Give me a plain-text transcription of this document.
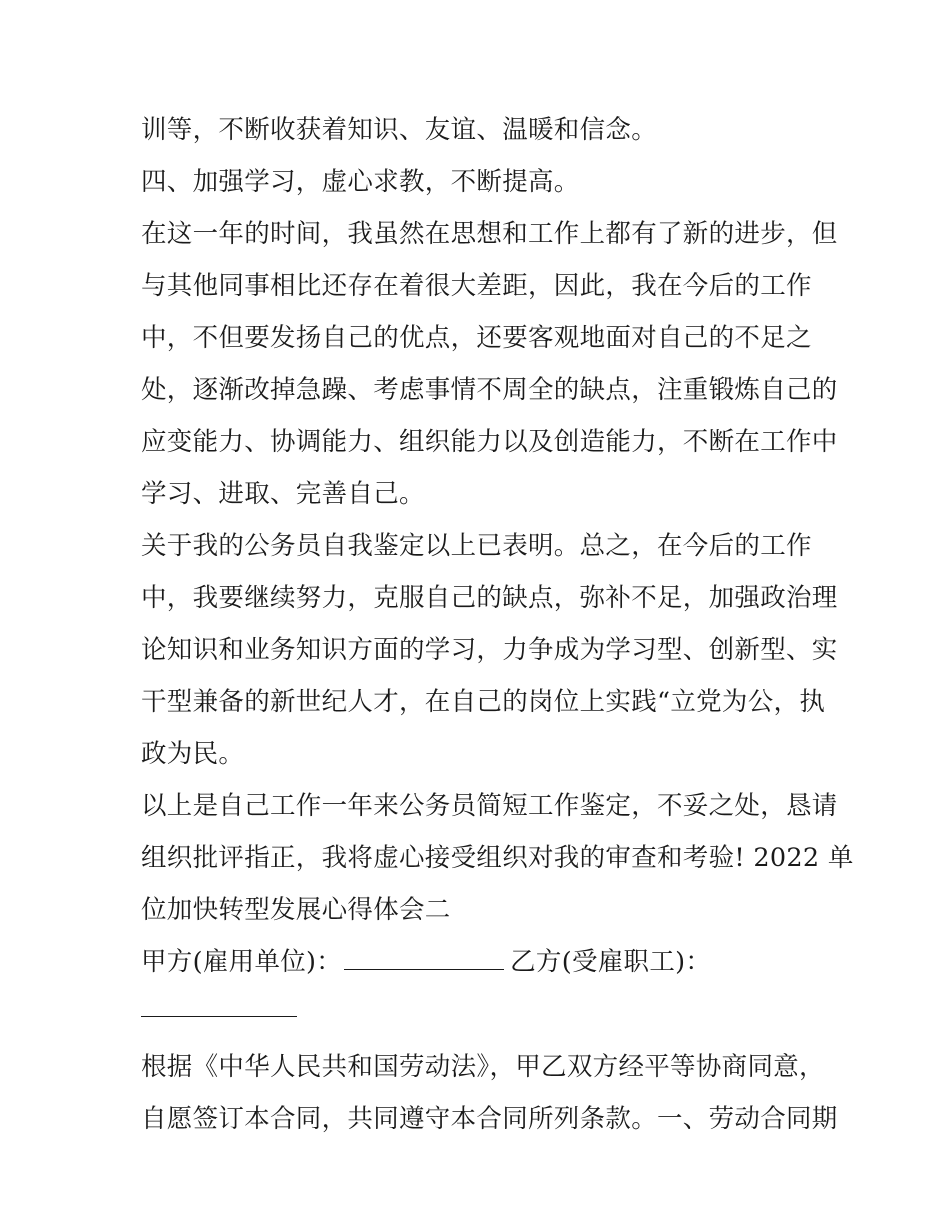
训等，不断收获着知识、友谊、温暖和信念。
四、加强学习，虚心求教，不断提高。
在这一年的时间，我虽然在思想和工作上都有了新的进步，但
与其他同事相比还存在着很大差距，因此，我在今后的工作
中，不但要发扬自己的优点，还要客观地面对自己的不足之
处，逐渐改掉急躁、考虑事情不周全的缺点，注重锻炼自己的
应变能力、协调能力、组织能力以及创造能力，不断在工作中
学习、进取、完善自己。
关于我的公务员自我鉴定以上已表明。总之，在今后的工作
中，我要继续努力，克服自己的缺点，弥补不足，加强政治理
论知识和业务知识方面的学习，力争成为学习型、创新型、实
干型兼备的新世纪人才，在自己的岗位上实践“立党为公，执
政为民。
以上是自己工作一年来公务员简短工作鉴定，不妥之处，恳请
组织批评指正，我将虚心接受组织对我的审查和考验! 2022 单
位加快转型发展心得体会二
甲方(雇用单位)：	乙方(受雇职工)：
根据《中华人民共和国劳动法》，甲乙双方经平等协商同意，
自愿签订本合同，共同遵守本合同所列条款。一、劳动合同期
